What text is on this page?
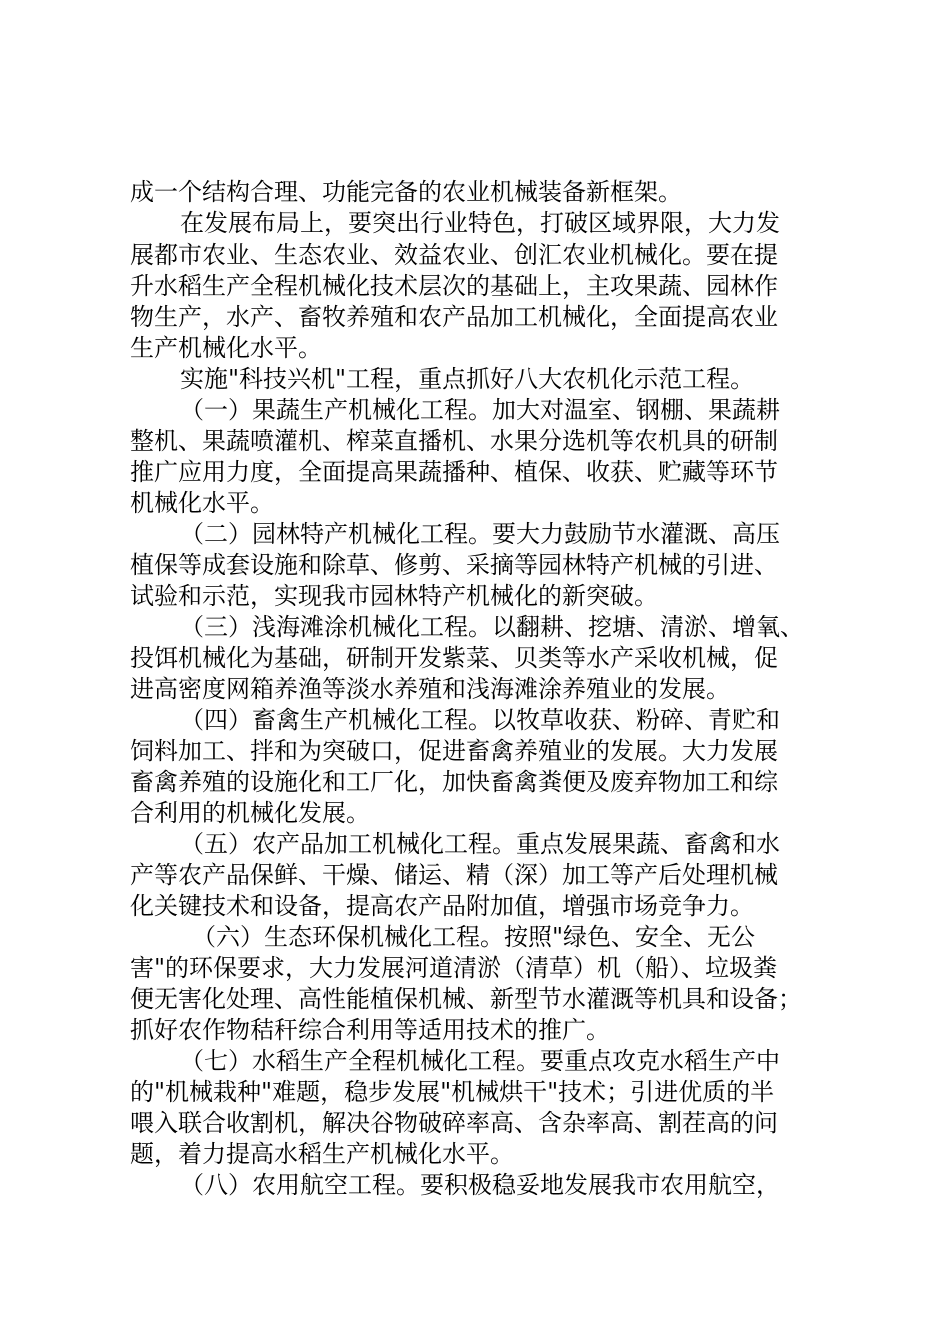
成一个结构合理、功能完备的农业机械装备新框架。
在发展布局上，要突出行业特色，打破区域界限，大力发
展都市农业、生态农业、效益农业、创汇农业机械化。要在提
升水稻生产全程机械化技术层次的基础上，主攻果蔬、园林作
物生产，水产、畜牧养殖和农产品加工机械化，全面提高农业
生产机械化水平。
实施"科技兴机"工程，重点抓好八大农机化示范工程。
（一）果蔬生产机械化工程。加大对温室、钢棚、果蔬耕
整机、果蔬喷灌机、榨菜直播机、水果分选机等农机具的研制
推广应用力度，全面提高果蔬播种、植保、收获、贮藏等环节
机械化水平。
（二）园林特产机械化工程。要大力鼓励节水灌溉、高压
植保等成套设施和除草、修剪、采摘等园林特产机械的引进、
试验和示范，实现我市园林特产机械化的新突破。
（三）浅海滩涂机械化工程。以翻耕、挖塘、清淤、增氧、
投饵机械化为基础，研制开发紫菜、贝类等水产采收机械，促
进高密度网箱养渔等淡水养殖和浅海滩涂养殖业的发展。
（四）畜禽生产机械化工程。以牧草收获、粉碎、青贮和
饲料加工、拌和为突破口，促进畜禽养殖业的发展。大力发展
畜禽养殖的设施化和工厂化，加快畜禽粪便及废弃物加工和综
合利用的机械化发展。
（五）农产品加工机械化工程。重点发展果蔬、畜禽和水
产等农产品保鲜、干燥、储运、精（深）加工等产后处理机械
化关键技术和设备，提高农产品附加值，增强市场竞争力。
（六）生态环保机械化工程。按照"绿色、安全、无公
害"的环保要求，大力发展河道清淤（清草）机（船）、垃圾粪
便无害化处理、高性能植保机械、新型节水灌溉等机具和设备；
抓好农作物秸秆综合利用等适用技术的推广。
（七）水稻生产全程机械化工程。要重点攻克水稻生产中
的"机械栽种"难题，稳步发展"机械烘干"技术；引进优质的半
喂入联合收割机，解决谷物破碎率高、含杂率高、割茬高的问
题，着力提高水稻生产机械化水平。
（八）农用航空工程。要积极稳妥地发展我市农用航空，
